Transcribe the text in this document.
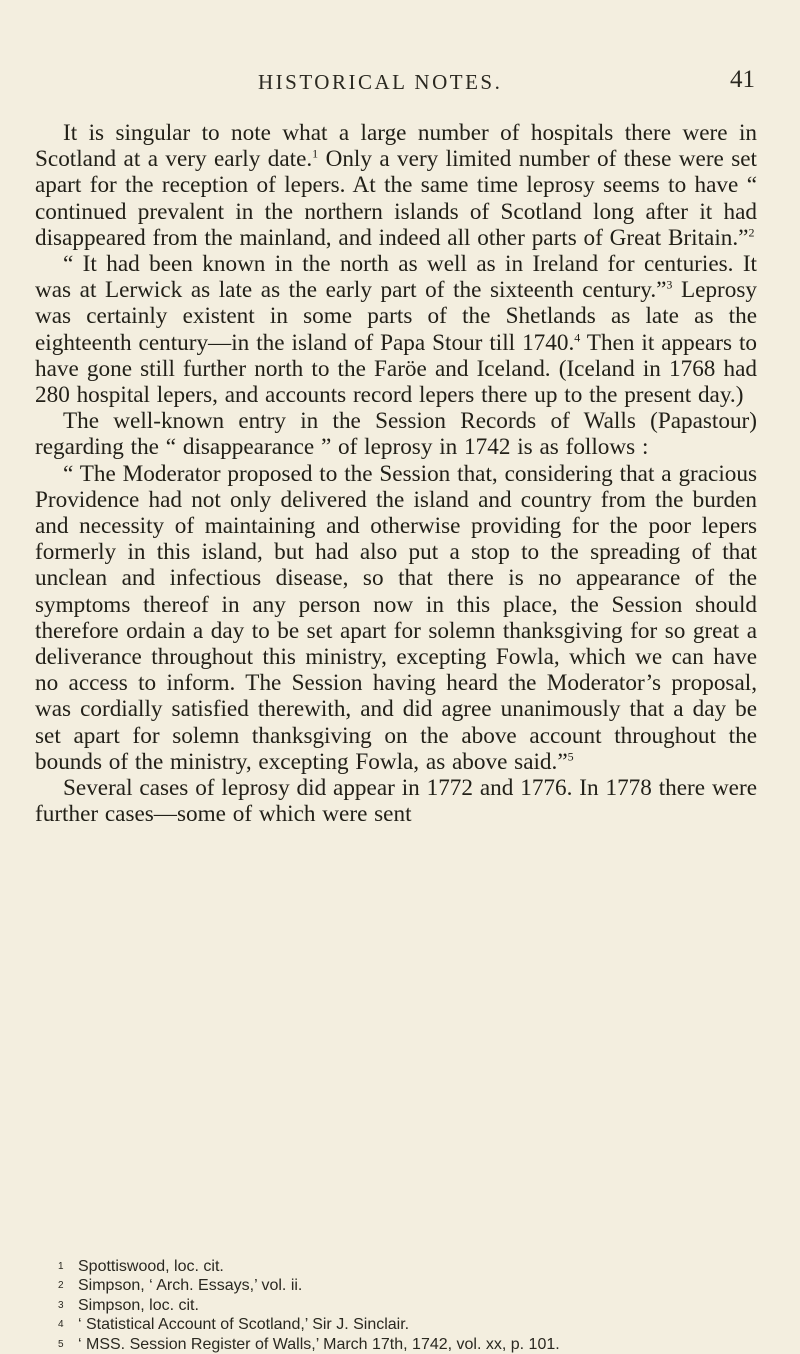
HISTORICAL NOTES.	41

It is singular to note what a large number of hospitals there were in Scotland at a very early date.$^1$ Only a very limited number of these were set apart for the reception of lepers. At the same time leprosy seems to have “ continued prevalent in the northern islands of Scotland long after it had disappeared from the mainland, and indeed all other parts of Great Britain.”$^2$

“ It had been known in the north as well as in Ireland for centuries. It was at Lerwick as late as the early part of the sixteenth century.”$^3$ Leprosy was certainly existent in some parts of the Shetlands as late as the eighteenth century—in the island of Papa Stour till 1740.$^4$ Then it appears to have gone still further north to the Faröe and Iceland. (Iceland in 1768 had 280 hospital lepers, and accounts record lepers there up to the present day.)

The well-known entry in the Session Records of Walls (Papastour) regarding the “ disappearance ” of leprosy in 1742 is as follows :

“ The Moderator proposed to the Session that, considering that a gracious Providence had not only delivered the island and country from the burden and necessity of maintaining and otherwise providing for the poor lepers formerly in this island, but had also put a stop to the spreading of that unclean and infectious disease, so that there is no appearance of the symptoms thereof in any person now in this place, the Session should therefore ordain a day to be set apart for solemn thanksgiving for so great a deliverance throughout this ministry, excepting Fowla, which we can have no access to inform. The Session having heard the Moderator’s proposal, was cordially satisfied therewith, and did agree unanimously that a day be set apart for solemn thanksgiving on the above account throughout the bounds of the ministry, excepting Fowla, as above said.”$^5$

Several cases of leprosy did appear in 1772 and 1776. In 1778 there were further cases—some of which were sent

1 Spottiswood, loc. cit.
2 Simpson, ‘ Arch. Essays,’ vol. ii.
3 Simpson, loc. cit.
4 ‘ Statistical Account of Scotland,’ Sir J. Sinclair.
5 ‘ MSS. Session Register of Walls,’ March 17th, 1742, vol. xx, p. 101.
